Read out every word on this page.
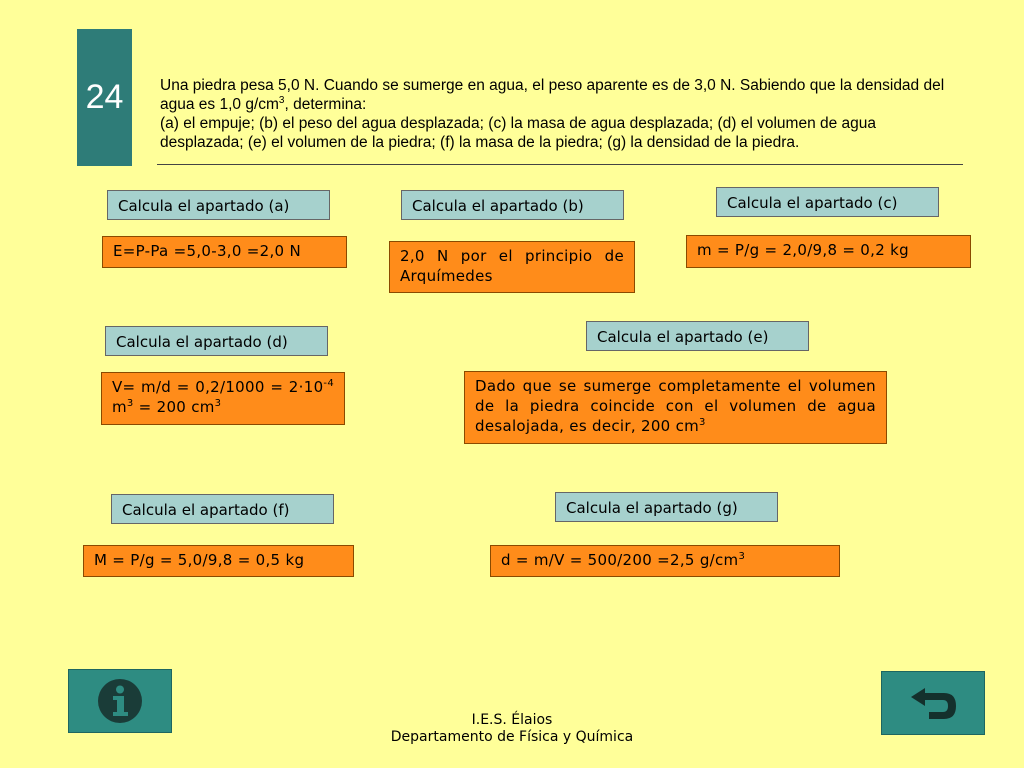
24	Una piedra pesa 5,0 N. Cuando se sumerge en agua, el peso aparente es de 3,0 N. Sabiendo que la densidad del agua es 1,0 $g/cm^3$, determina:

(a) el empuje; (b) el peso del agua desplazada; (c) la masa de agua desplazada; (d) el volumen de agua desplazada; (e) el volumen de la piedra; (f) la masa de la piedra; (g) la densidad de la piedra.

Calcula el apartado (a)	Calcula el apartado (b)	Calcula el apartado (c)
Calcula el apartado (d)	Calcula el apartado (e)
Calcula el apartado (f)	Calcula el apartado (g)
E=P-Pa =5,0-3,0 =2,0 N	2,0 N por el principio de Arquímedes
m = P/g = 2,0/9,8 = 0,2 kg
$V= m/d = 0,2/1000 = 2\cdot 10^{-4}$ $m^3 = 200$ $cm^3$
Dado que se sumerge completamente el volumen de la piedra coincide con el volumen de agua desalojada, es decir, 200 $cm^3$
M = P/g = 5,0/9,8 = 0,5 kg	d = m/V = 500/200 =2,5 $g/cm^3$
I.E.S. Élaios
Departamento de Física y Química
